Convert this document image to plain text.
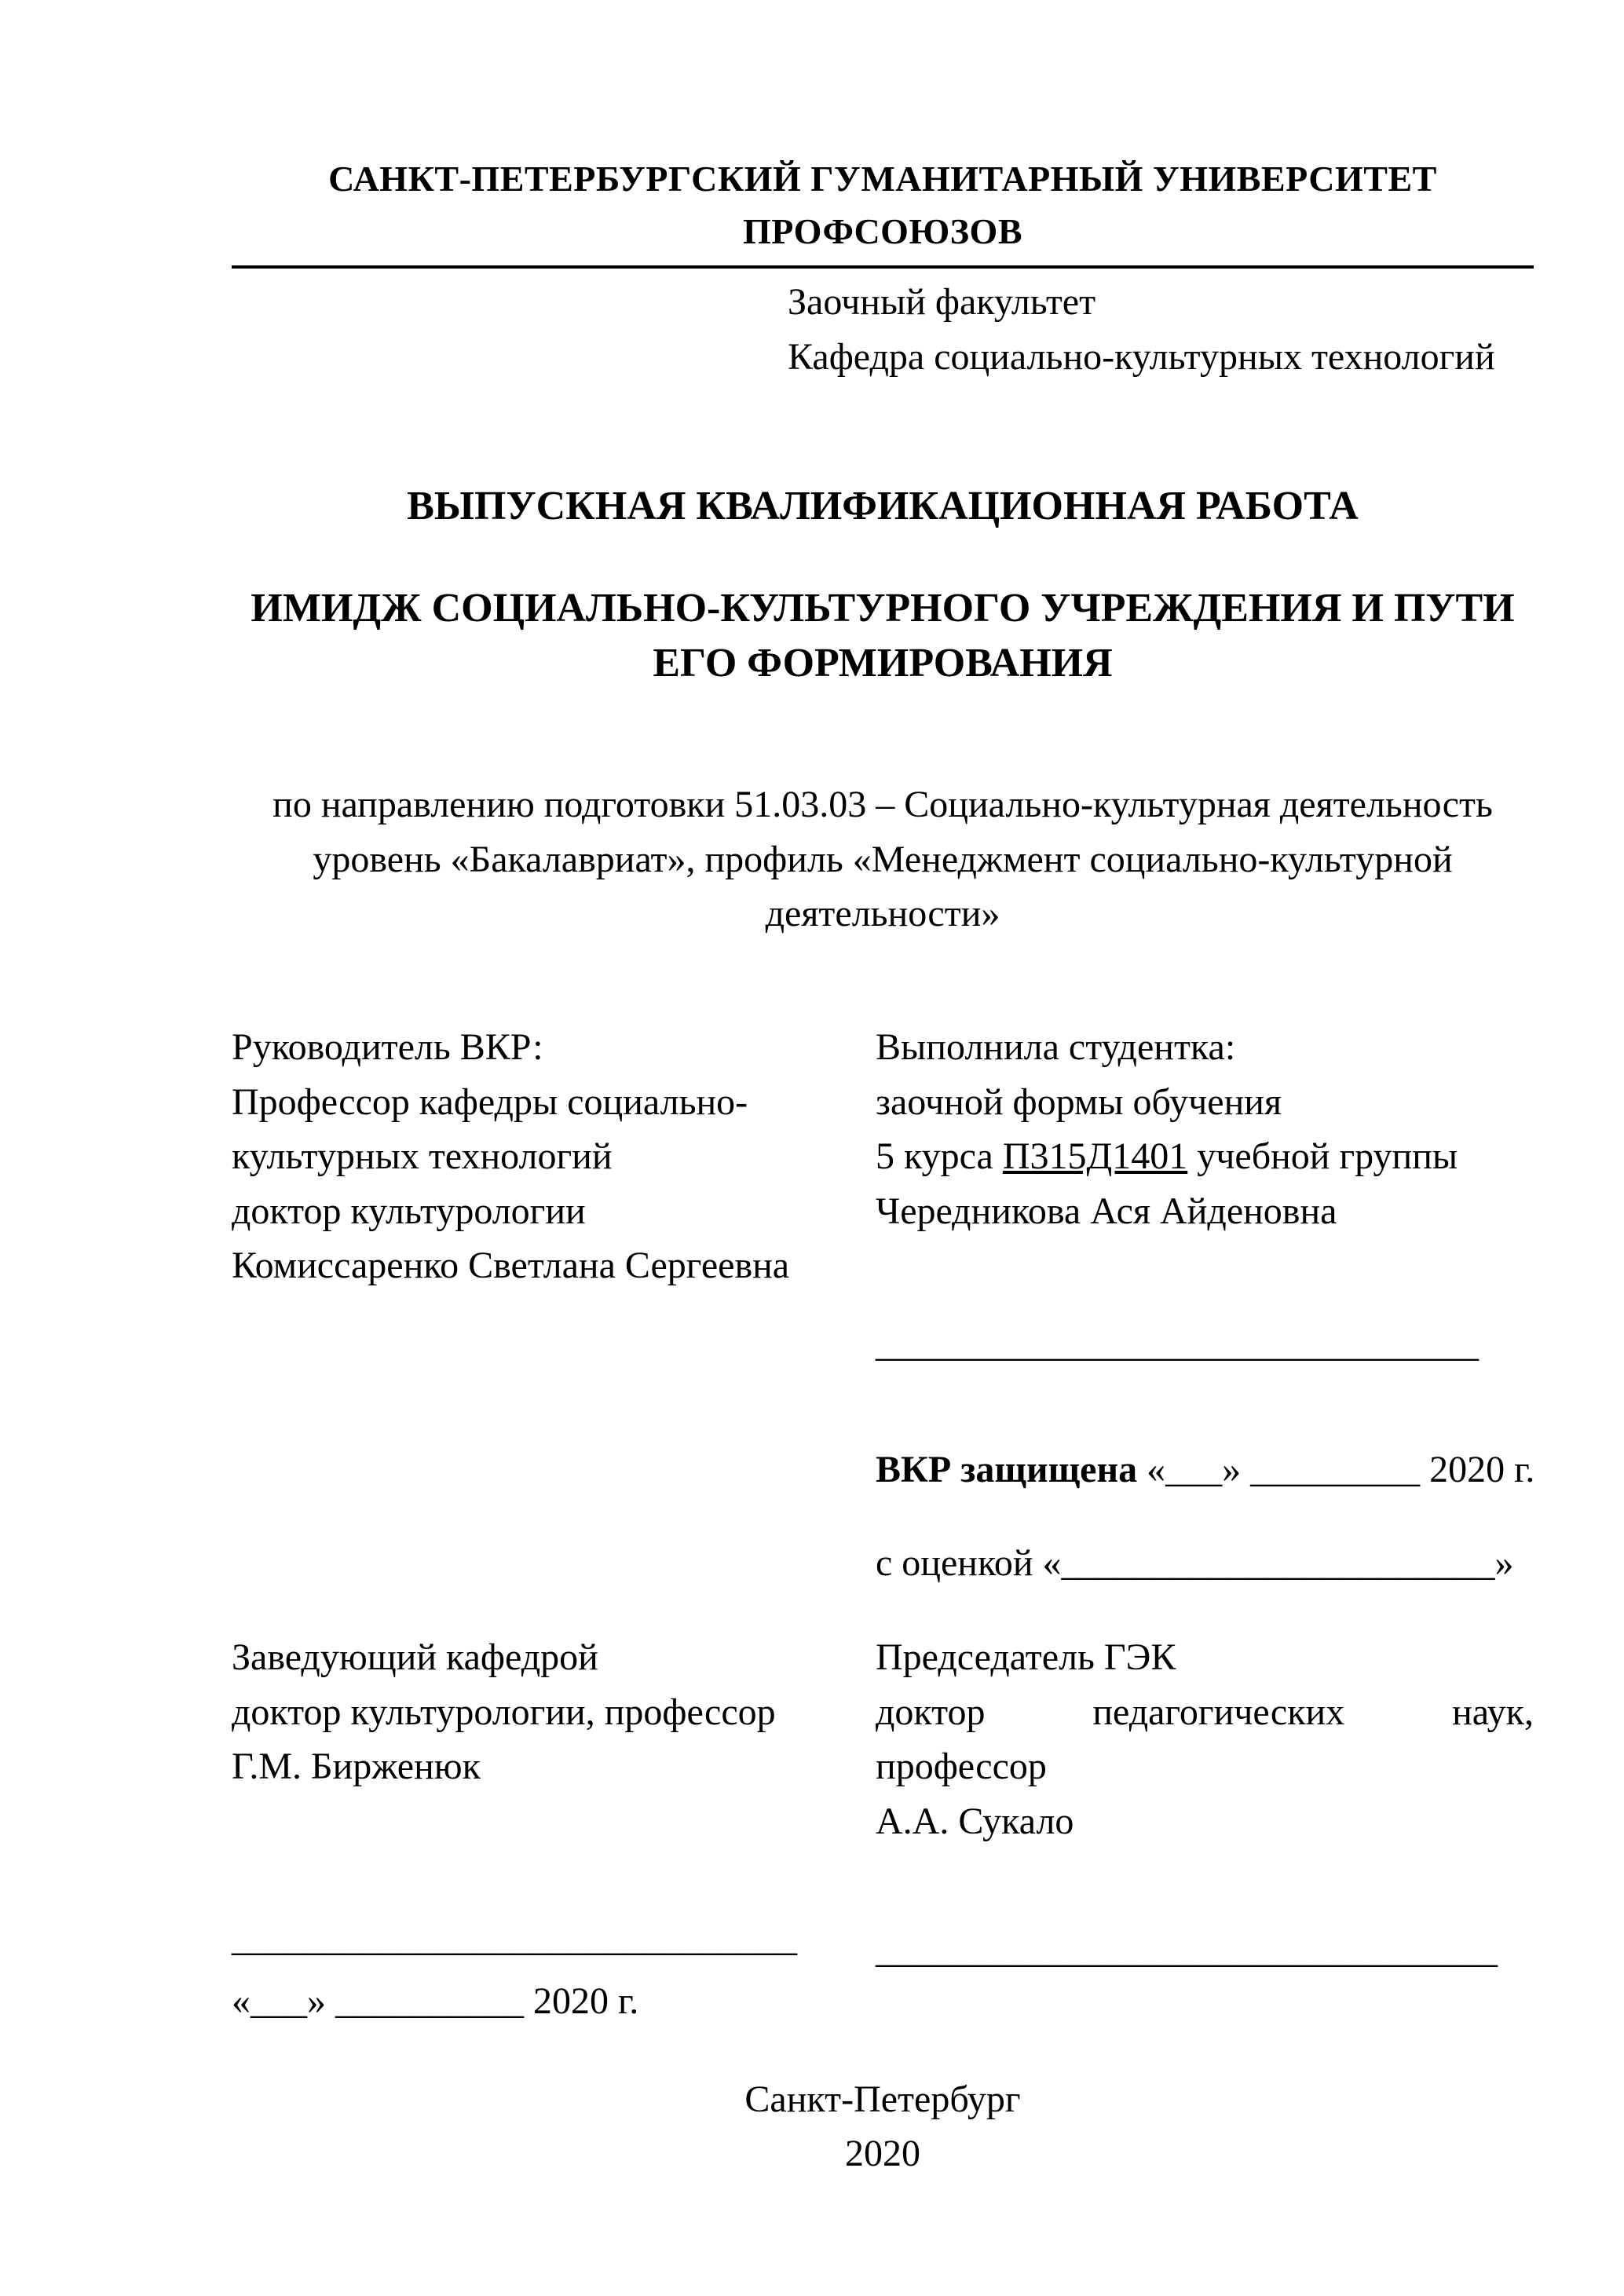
САНКТ-ПЕТЕРБУРГСКИЙ ГУМАНИТАРНЫЙ УНИВЕРСИТЕТ ПРОФСОЮЗОВ
Заочный факультет
Кафедра социально-культурных технологий
ВЫПУСКНАЯ КВАЛИФИКАЦИОННАЯ РАБОТА
ИМИДЖ СОЦИАЛЬНО-КУЛЬТУРНОГО УЧРЕЖДЕНИЯ И ПУТИ
ЕГО ФОРМИРОВАНИЯ
по направлению подготовки 51.03.03 – Социально-культурная деятельность
уровень «Бакалавриат», профиль «Менеджмент социально-культурной
деятельности»
Руководитель ВКР:
Профессор кафедры социально-
культурных технологий
доктор культурологии
Комиссаренко Светлана Сергеевна
Выполнила студентка:
заочной формы обучения
5 курса П315Д1401 учебной группы
Чередникова Ася Айденовна
________________________________
ВКР защищена «___» _________ 2020 г.
с оценкой «_______________________»
Заведующий кафедрой
доктор культурологии, профессор
Г.М. Бирженюк
Председатель ГЭК
доктор	педагогических	наук,
профессор
А.А. Сукало
______________________________
«___» __________ 2020 г.
_________________________________
Санкт-Петербург
2020
